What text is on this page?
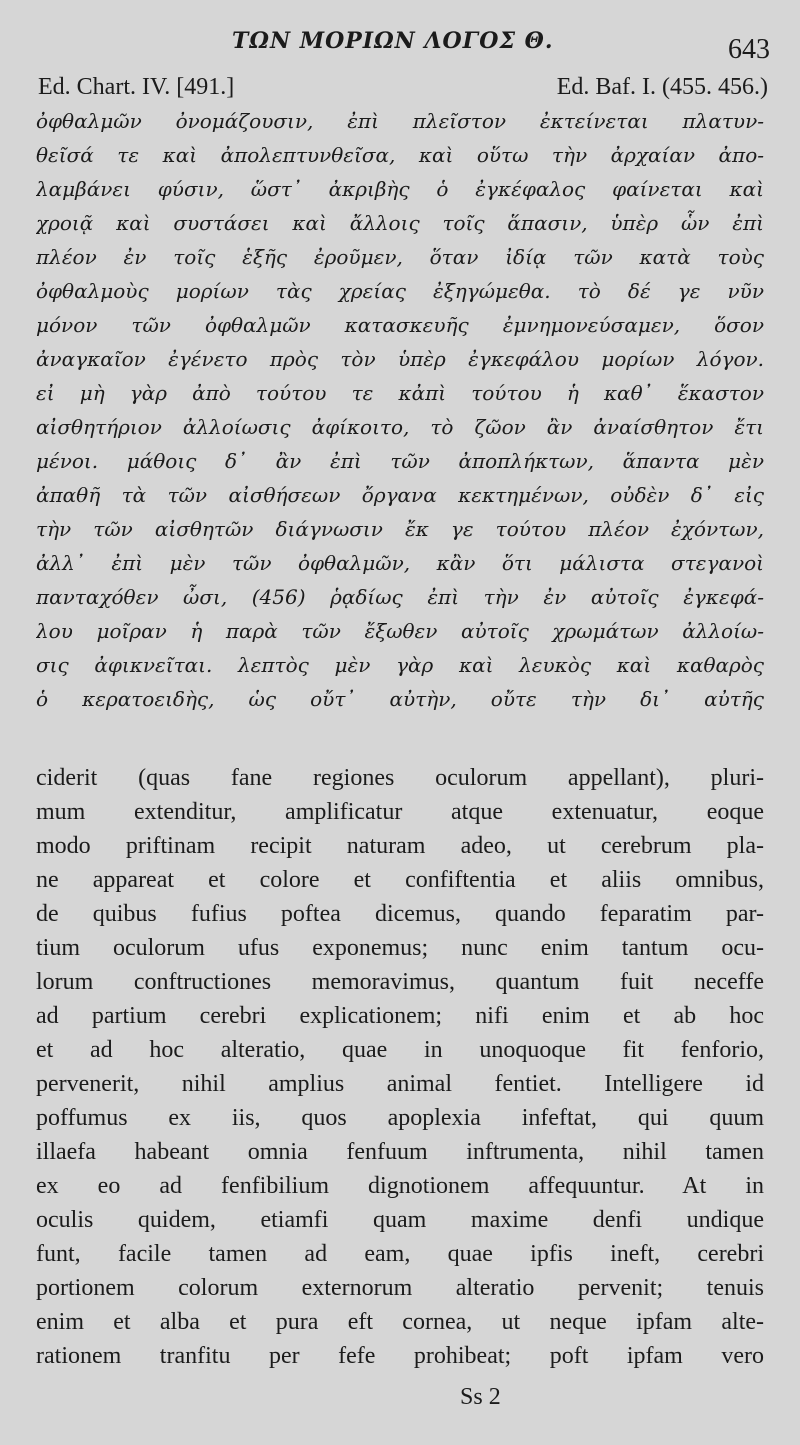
ΤΩΝ ΜΟΡΙΩΝ ΛΟΓΟΣ Θ.	643
Ed. Chart. IV. [491.]	Ed. Baf. I. (455. 456.)
ὀφθαλμῶν ὀνομάζουσιν, ἐπὶ πλεῖστον ἐκτείνεται πλατυν-
θεῖσά τε καὶ ἀπολεπτυνθεῖσα, καὶ οὕτω τὴν ἀρχαίαν ἀπο-
λαμβάνει φύσιν, ὥστ᾽ ἀκριβὴς ὁ ἐγκέφαλος φαίνεται καὶ
χροιᾷ καὶ συστάσει καὶ ἄλλοις τοῖς ἅπασιν, ὑπὲρ ὧν ἐπὶ
πλέον ἐν τοῖς ἑξῆς ἐροῦμεν, ὅταν ἰδίᾳ τῶν κατὰ τοὺς
ὀφθαλμοὺς μορίων τὰς χρείας ἐξηγώμεθα. τὸ δέ γε νῦν
μόνον τῶν ὀφθαλμῶν κατασκευῆς ἐμνημονεύσαμεν, ὅσον
ἀναγκαῖον ἐγένετο πρὸς τὸν ὑπὲρ ἐγκεφάλου μορίων λόγον.
εἰ μὴ γὰρ ἀπὸ τούτου τε κἀπὶ τούτου ἡ καθ᾽ ἕκαστον
αἰσθητήριον ἀλλοίωσις ἀφίκοιτο, τὸ ζῶον ἂν ἀναίσθητον ἔτι
μένοι. μάθοις δ᾽ ἂν ἐπὶ τῶν ἀποπλήκτων, ἅπαντα μὲν
ἀπαθῆ τὰ τῶν αἰσθήσεων ὄργανα κεκτημένων, οὐδὲν δ᾽ εἰς
τὴν τῶν αἰσθητῶν διάγνωσιν ἔκ γε τούτου πλέον ἐχόντων,
ἀλλ᾽ ἐπὶ μὲν τῶν ὀφθαλμῶν, κἂν ὅτι μάλιστα στεγανοὶ
πανταχόθεν ὦσι, (456) ῥᾳδίως ἐπὶ τὴν ἐν αὐτοῖς ἐγκεφά-
λου μοῖραν ἡ παρὰ τῶν ἔξωθεν αὐτοῖς χρωμάτων ἀλλοίω-
σις ἀφικνεῖται. λεπτὸς μὲν γὰρ καὶ λευκὸς καὶ καθαρὸς
ὁ κερατοειδὴς, ὡς οὔτ᾽ αὐτὴν, οὔτε τὴν δι᾽ αὐτῆς
ciderit (quas fane regiones oculorum appellant), pluri-
mum extenditur, amplificatur atque extenuatur, eoque
modo priftinam recipit naturam adeo, ut cerebrum pla-
ne appareat et colore et confiftentia et aliis omnibus,
de quibus fufius poftea dicemus, quando feparatim par-
tium oculorum ufus exponemus; nunc enim tantum ocu-
lorum conftructiones memoravimus, quantum fuit neceffe
ad partium cerebri explicationem; nifi enim et ab hoc
et ad hoc alteratio, quae in unoquoque fit fenforio,
pervenerit, nihil amplius animal fentiet. Intelligere id
poffumus ex iis, quos apoplexia infeftat, qui quum
illaefa habeant omnia fenfuum inftrumenta, nihil tamen
ex eo ad fenfibilium dignotionem affequuntur. At in
oculis quidem, etiamfi quam maxime denfi undique
funt, facile tamen ad eam, quae ipfis ineft, cerebri
portionem colorum externorum alteratio pervenit; tenuis
enim et alba et pura eft cornea, ut neque ipfam alte-
rationem tranfitu per fefe prohibeat; poft ipfam vero
Ss 2
